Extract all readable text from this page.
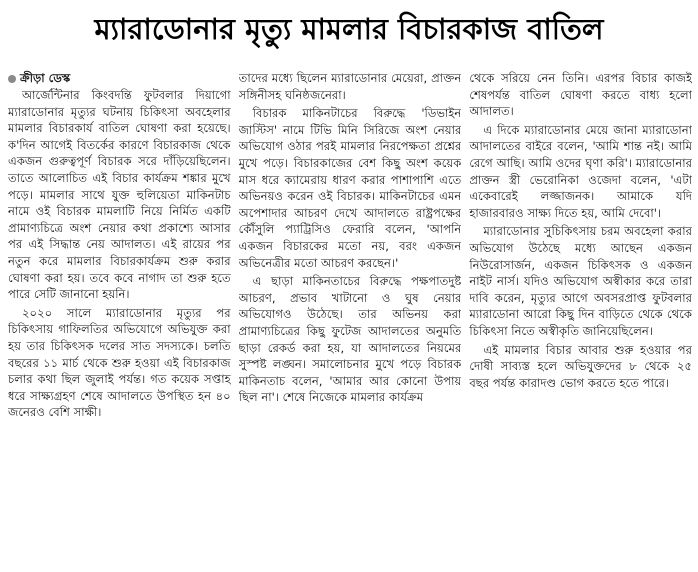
ম্যারাডোনার মৃত্যু মামলার বিচারকাজ বাতিল
ক্রীড়া ডেস্ক

আর্জেন্টিনার কিংবদন্তি ফুটবলার দিয়াগো ম্যারাডোনার মৃত্যুর ঘটনায় চিকিৎসা অবহেলার মামলার বিচারকার্য বাতিল ঘোষণা করা হয়েছে। ক'দিন আগেই বিতর্কের কারণে বিচারকাজ থেকে একজন গুরুত্বপূর্ণ বিচারক সরে দাঁড়িয়েছিলেন। তাতে আলোচিত এই বিচার কার্যক্রম শঙ্কার মুখে পড়ে। মামলার সাথে যুক্ত হুলিয়েতা মাকিনটাচ নামে ওই বিচারক মামলাটি নিয়ে নির্মিত একটি প্রামাণ্যচিত্রে অংশ নেয়ার কথা প্রকাশ্যে আসার পর এই সিদ্ধান্ত নেয় আদালত। এই রায়ের পর নতুন করে মামলার বিচারকার্যক্রম শুরু করার ঘোষণা করা হয়। তবে কবে নাগাদ তা শুরু হতে পারে সেটি জানানো হয়নি।

২০২০ সালে ম্যারাডোনার মৃত্যুর পর চিকিৎসায় গাফিলতির অভিযোগে অভিযুক্ত করা হয় তার চিকিৎসক দলের সাত সদস্যকে। চলতি বছরের ১১ মার্চ থেকে শুরু হওয়া এই বিচারকাজ চলার কথা ছিল জুলাই পর্যন্ত। গত কয়েক সপ্তাহ ধরে সাক্ষ্যগ্রহণ শেষে আদালতে উপস্থিত হন ৪০ জনেরও বেশি সাক্ষী।

তাদের মধ্যে ছিলেন ম্যারাডোনার মেয়েরা, প্রাক্তন সঙ্গিনীসহ ঘনিষ্ঠজনেরা।

বিচারক মাকিনটাচের বিরুদ্ধে 'ডিভাইন জাস্টিস' নামে টিভি মিনি সিরিজে অংশ নেয়ার অভিযোগ ওঠার পরই মামলার নিরপেক্ষতা প্রশ্নের মুখে পড়ে। বিচারকাজের বেশ কিছু অংশ কয়েক মাস ধরে ক্যামেরায় ধারণ করার পাশাপাশি এতে অভিনয়ও করেন ওই বিচারক। মাকিনটাচের এমন অপেশাদার আচরণ দেখে আদালতে রাষ্ট্রপক্ষের কৌঁসুলি প্যাট্রিসিও ফেরারি বলেন, 'আপনি একজন বিচারকের মতো নয়, বরং একজন অভিনেত্রীর মতো আচরণ করছেন।'

এ ছাড়া মাকিনতাচের বিরুদ্ধে পক্ষপাতদুষ্ট আচরণ, প্রভাব খাটানো ও ঘুষ নেয়ার অভিযোগও উঠেছে। তার অভিনয় করা প্রামাণ্যচিত্রের কিছু ফুটেজ আদালতের অনুমতি ছাড়া রেকর্ড করা হয়, যা আদালতের নিয়মের সুস্পষ্ট লঙ্ঘন। সমালোচনার মুখে পড়ে বিচারক মাকিনতাচ বলেন, 'আমার আর কোনো উপায় ছিল না'। শেষে নিজেকে মামলার কার্যক্রম

থেকে সরিয়ে নেন তিনি। এরপর বিচার কাজই শেষপর্যন্ত বাতিল ঘোষণা করতে বাধ্য হলো আদালত।

এ দিকে ম্যারাডোনার মেয়ে জানা ম্যারাডোনা আদালতের বাইরে বলেন, 'আমি শান্ত নই। আমি রেগে আছি। আমি ওদের ঘৃণা করি'। ম্যারাডোনার প্রাক্তন স্ত্রী ভেরোনিকা ওজেদা বলেন, 'এটা একেবারেই লজ্জাজনক। আমাকে যদি হাজারবারও সাক্ষ্য দিতে হয়, আমি দেবো'।

ম্যারাডোনার সুচিকিৎসায় চরম অবহেলা করার অভিযোগ উঠেছে মধ্যে আছেন একজন নিউরোসার্জন, একজন চিকিৎসক ও একজন নাইট নার্স। যদিও অভিযোগ অস্বীকার করে তারা দাবি করেন, মৃত্যুর আগে অবসরপ্রাপ্ত ফুটবলার ম্যারাডোনা আরো কিছু দিন বাড়িতে থেকে থেকে চিকিৎসা নিতে অস্বীকৃতি জানিয়েছিলেন।

এই মামলার বিচার আবার শুরু হওয়ার পর দোষী সাব্যস্ত হলে অভিযুক্তদের ৮ থেকে ২৫ বছর পর্যন্ত কারাদণ্ড ভোগ করতে হতে পারে।
